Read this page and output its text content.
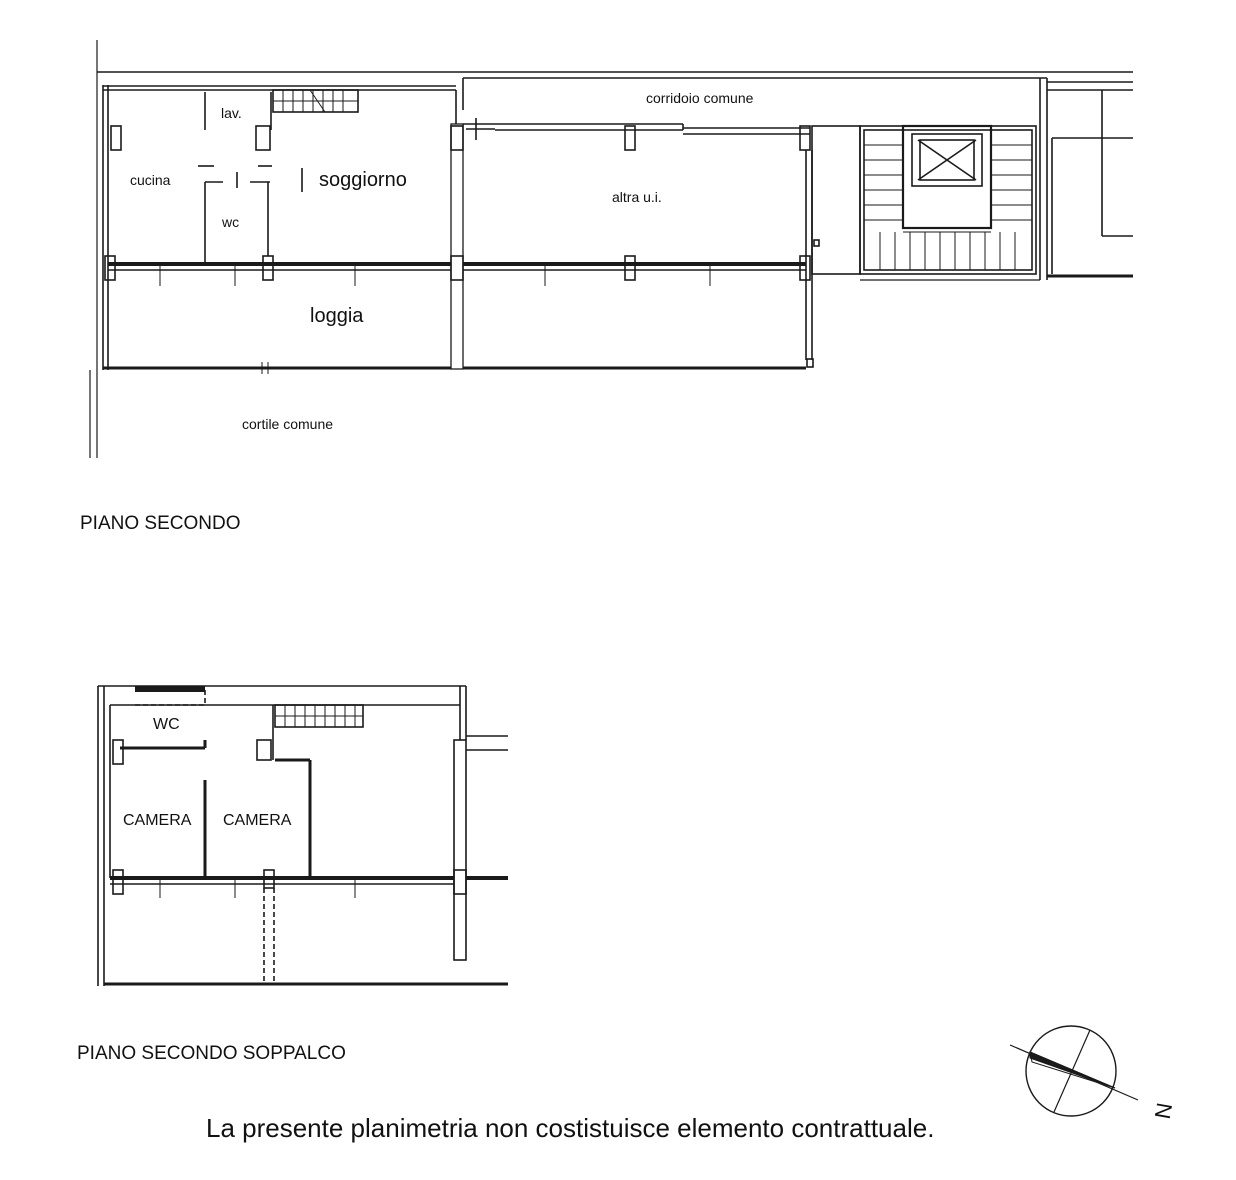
lav.
cucina
wc
soggiorno
corridoio comune
altra u.i.
loggia
cortile comune
PIANO SECONDO
WC
CAMERA CAMERA
PIANO SECONDO SOPPALCO
N
La presente planimetria non costistuisce elemento contrattuale.
